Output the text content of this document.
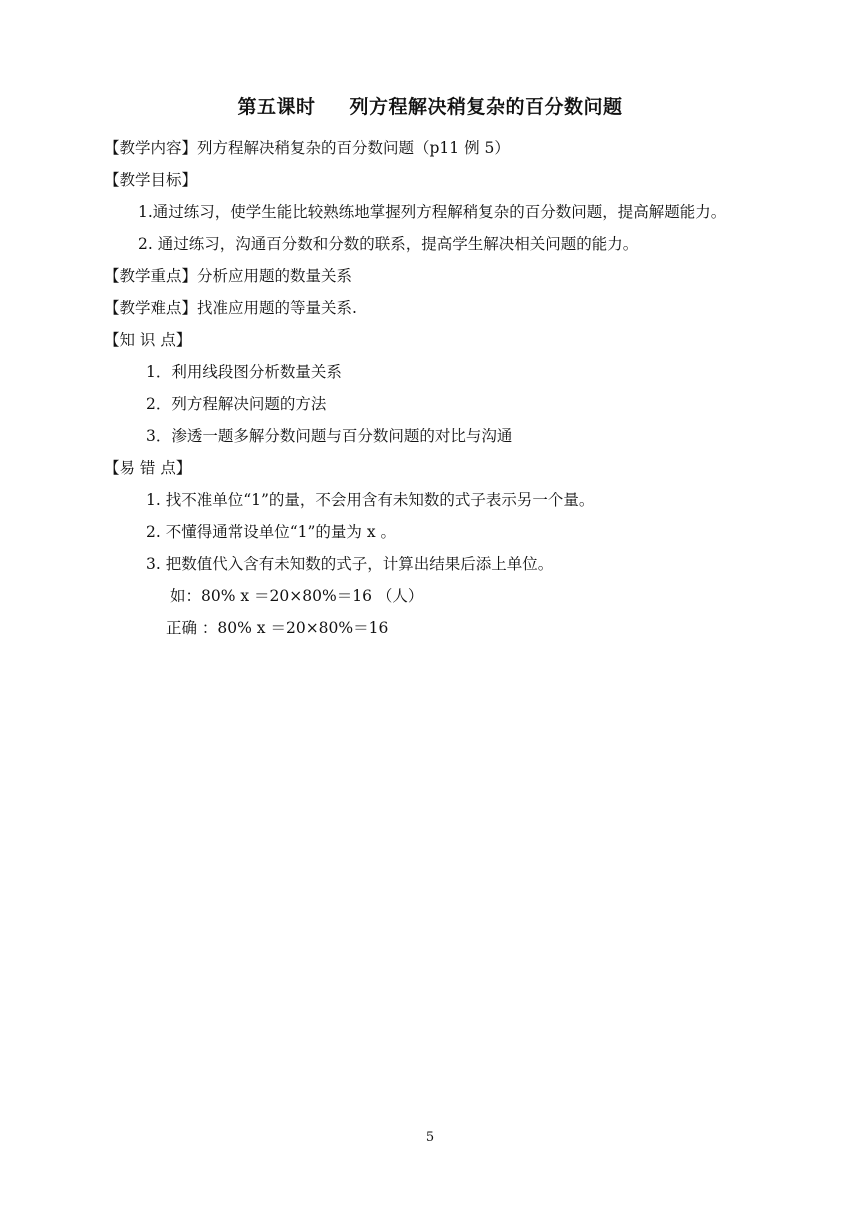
第五课时 列方程解决稍复杂的百分数问题
【教学内容】列方程解决稍复杂的百分数问题（p11 例 5）
【教学目标】
1.通过练习，使学生能比较熟练地掌握列方程解稍复杂的百分数问题，提高解题能力。
2. 通过练习，沟通百分数和分数的联系，提高学生解决相关问题的能力。
【教学重点】分析应用题的数量关系
【教学难点】找准应用题的等量关系.
【知 识 点】
1．利用线段图分析数量关系
2．列方程解决问题的方法
3．渗透一题多解分数问题与百分数问题的对比与沟通
【易 错 点】
1. 找不准单位“1”的量，不会用含有未知数的式子表示另一个量。
2. 不懂得通常设单位“1”的量为 x 。
3. 把数值代入含有未知数的式子，计算出结果后添上单位。
如：80% x ＝20×80%＝16 （人）
正确 ：80% x ＝20×80%＝16
5
